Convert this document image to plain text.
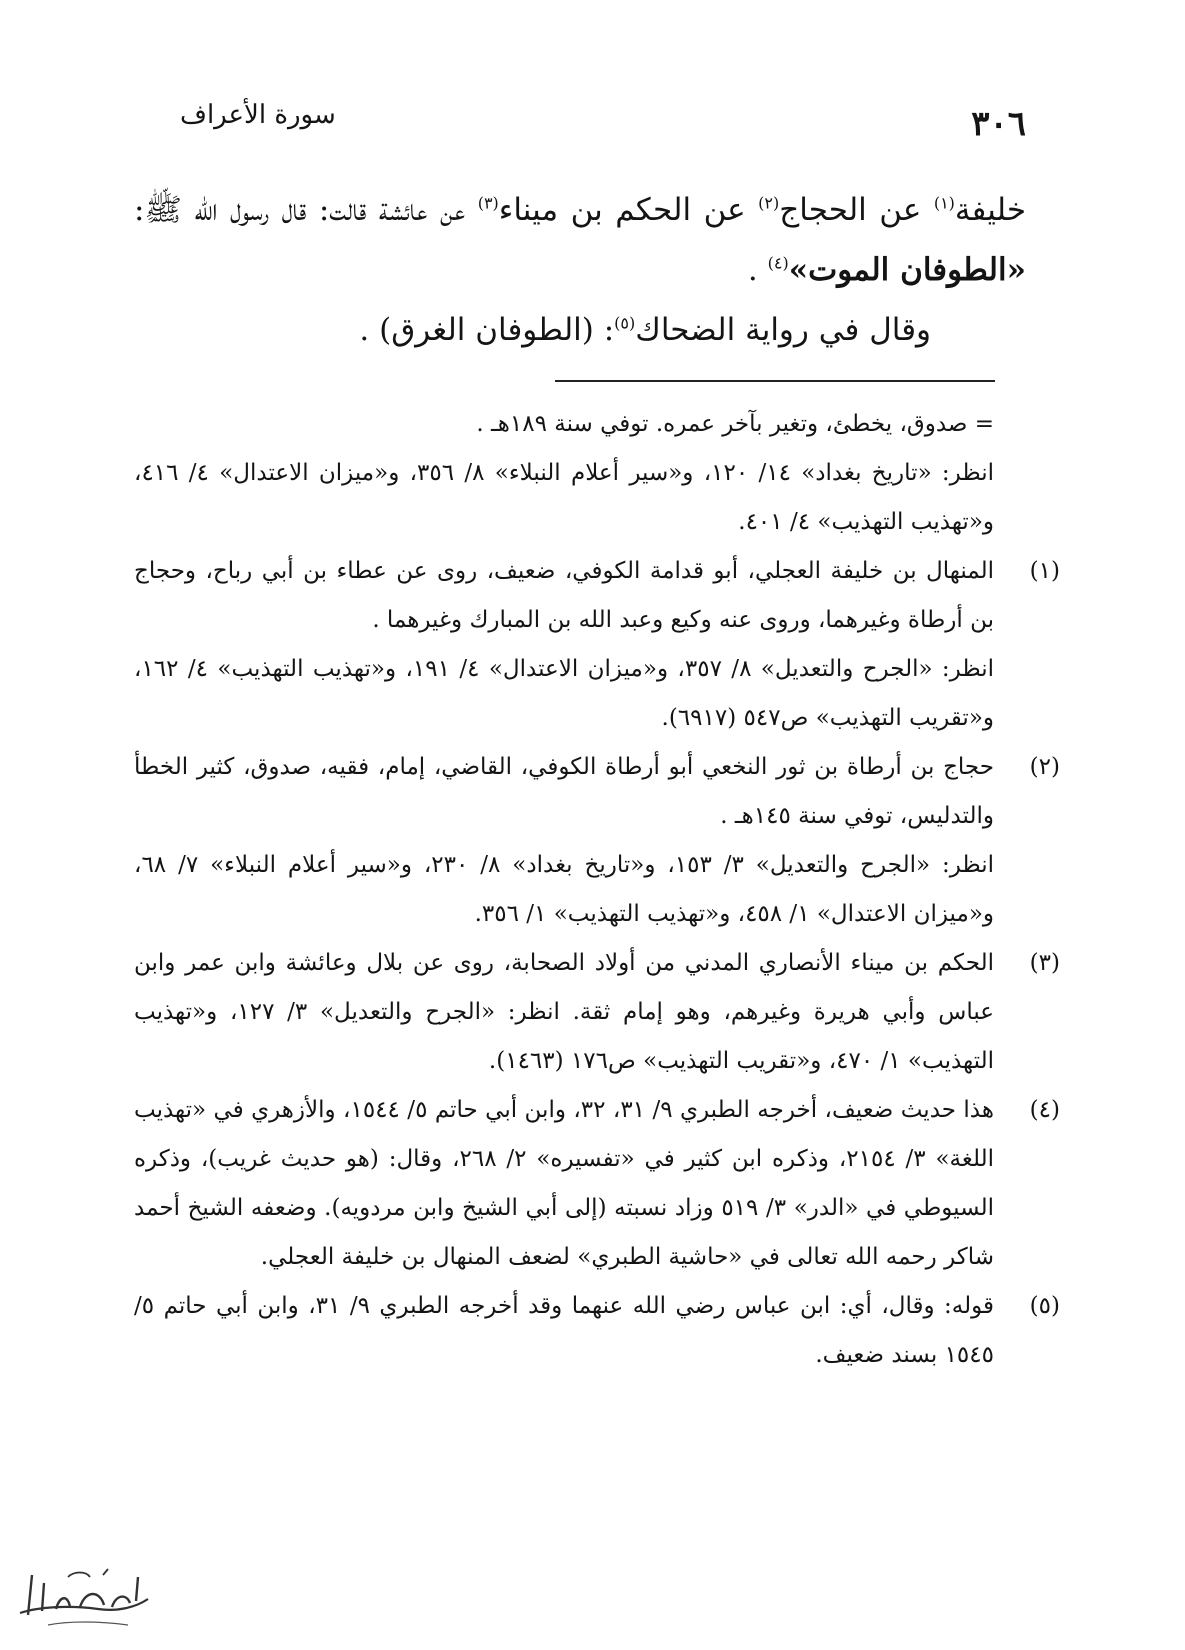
سورة الأعراف	٣٠٦

خليفة$^{(١)}$ عن الحجاج$^{(٢)}$ عن الحكم بن ميناء$^{(٣)}$ عن عائشة قالت: قال رسول الله ﷺ: «الطوفان الموت»$^{(٤)}$ .

وقال في رواية الضحاك$^{(٥)}$: (الطوفان الغرق) .

= صدوق، يخطئ، وتغير بآخر عمره. توفي سنة ١٨٩هـ .

انظر: «تاريخ بغداد» ١٤/ ١٢٠، و«سير أعلام النبلاء» ٨/ ٣٥٦، و«ميزان الاعتدال» ٤/ ٤١٦، و«تهذيب التهذيب» ٤/ ٤٠١.

(١)

المنهال بن خليفة العجلي، أبو قدامة الكوفي، ضعيف، روى عن عطاء بن أبي رباح، وحجاج بن أرطاة وغيرهما، وروى عنه وكيع وعبد الله بن المبارك وغيرهما .

انظر: «الجرح والتعديل» ٨/ ٣٥٧، و«ميزان الاعتدال» ٤/ ١٩١، و«تهذيب التهذيب» ٤/ ١٦٢، و«تقريب التهذيب» ص٥٤٧ (٦٩١٧).

(٢)

حجاج بن أرطاة بن ثور النخعي أبو أرطاة الكوفي، القاضي، إمام، فقيه، صدوق، كثير الخطأ والتدليس، توفي سنة ١٤٥هـ .

انظر: «الجرح والتعديل» ٣/ ١٥٣، و«تاريخ بغداد» ٨/ ٢٣٠، و«سير أعلام النبلاء» ٧/ ٦٨، و«ميزان الاعتدال» ١/ ٤٥٨، و«تهذيب التهذيب» ١/ ٣٥٦.

(٣)

الحكم بن ميناء الأنصاري المدني من أولاد الصحابة، روى عن بلال وعائشة وابن عمر وابن عباس وأبي هريرة وغيرهم، وهو إمام ثقة. انظر: «الجرح والتعديل» ٣/ ١٢٧، و«تهذيب التهذيب» ١/ ٤٧٠، و«تقريب التهذيب» ص١٧٦ (١٤٦٣).

(٤)

هذا حديث ضعيف، أخرجه الطبري ٩/ ٣١، ٣٢، وابن أبي حاتم ٥/ ١٥٤٤، والأزهري في «تهذيب اللغة» ٣/ ٢١٥٤، وذكره ابن كثير في «تفسيره» ٢/ ٢٦٨، وقال: (هو حديث غريب)، وذكره السيوطي في «الدر» ٣/ ٥١٩ وزاد نسبته (إلى أبي الشيخ وابن مردويه). وضعفه الشيخ أحمد شاكر رحمه الله تعالى في «حاشية الطبري» لضعف المنهال بن خليفة العجلي.

(٥)

قوله: وقال، أي: ابن عباس رضي الله عنهما وقد أخرجه الطبري ٩/ ٣١، وابن أبي حاتم ٥/ ١٥٤٥ بسند ضعيف.
